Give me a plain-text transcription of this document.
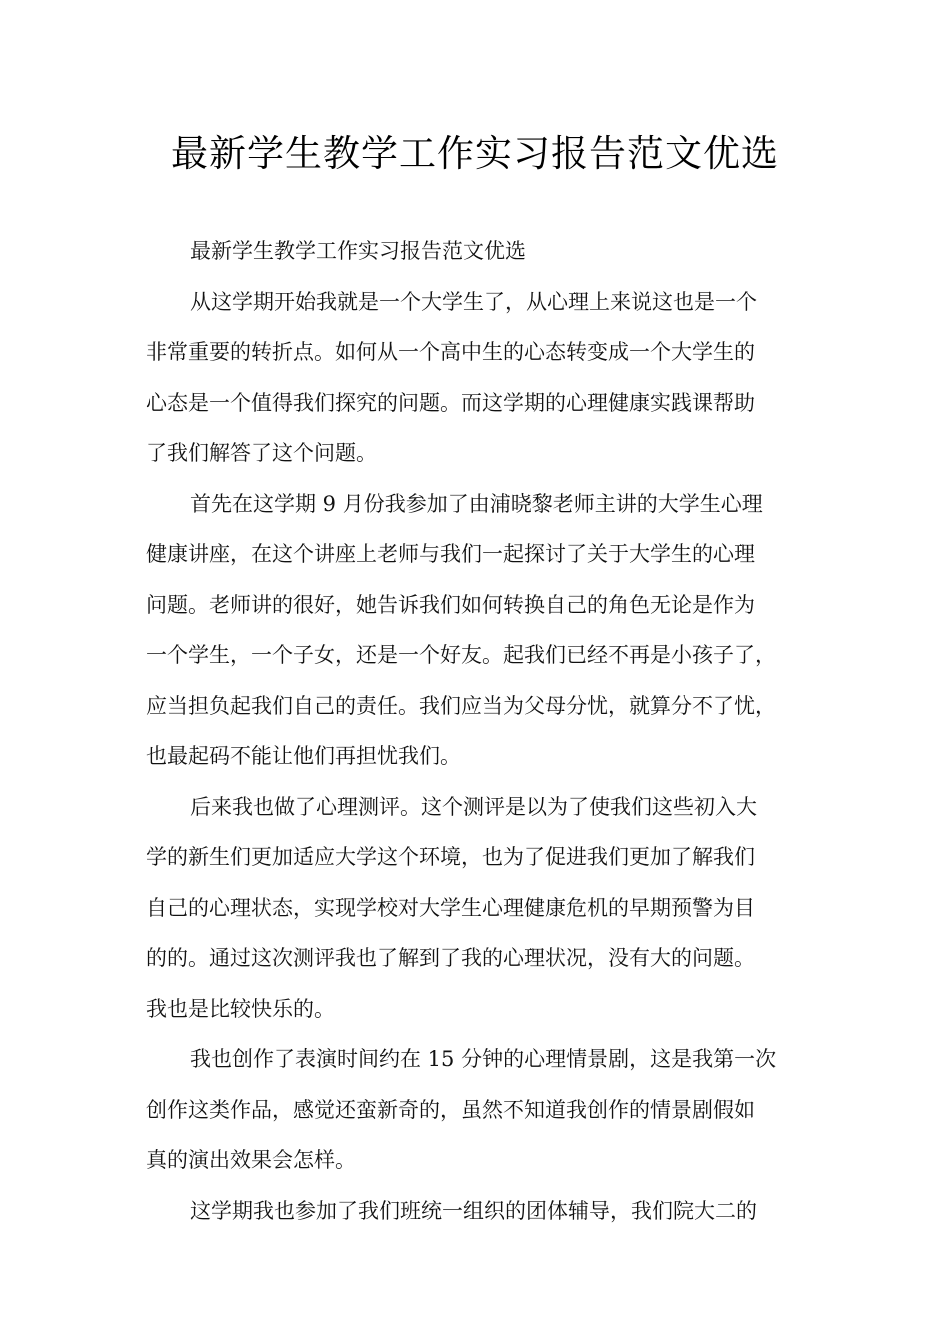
最新学生教学工作实习报告范文优选
最新学生教学工作实习报告范文优选
从这学期开始我就是一个大学生了，从心理上来说这也是一个
非常重要的转折点。如何从一个高中生的心态转变成一个大学生的
心态是一个值得我们探究的问题。而这学期的心理健康实践课帮助
了我们解答了这个问题。
首先在这学期 9 月份我参加了由浦晓黎老师主讲的大学生心理
健康讲座，在这个讲座上老师与我们一起探讨了关于大学生的心理
问题。老师讲的很好，她告诉我们如何转换自己的角色无论是作为
一个学生，一个子女，还是一个好友。起我们已经不再是小孩子了，
应当担负起我们自己的责任。我们应当为父母分忧，就算分不了忧，
也最起码不能让他们再担忧我们。
后来我也做了心理测评。这个测评是以为了使我们这些初入大
学的新生们更加适应大学这个环境，也为了促进我们更加了解我们
自己的心理状态，实现学校对大学生心理健康危机的早期预警为目
的的。通过这次测评我也了解到了我的心理状况，没有大的问题。
我也是比较快乐的。
我也创作了表演时间约在 15 分钟的心理情景剧，这是我第一次
创作这类作品，感觉还蛮新奇的，虽然不知道我创作的情景剧假如
真的演出效果会怎样。
这学期我也参加了我们班统一组织的团体辅导，我们院大二的
